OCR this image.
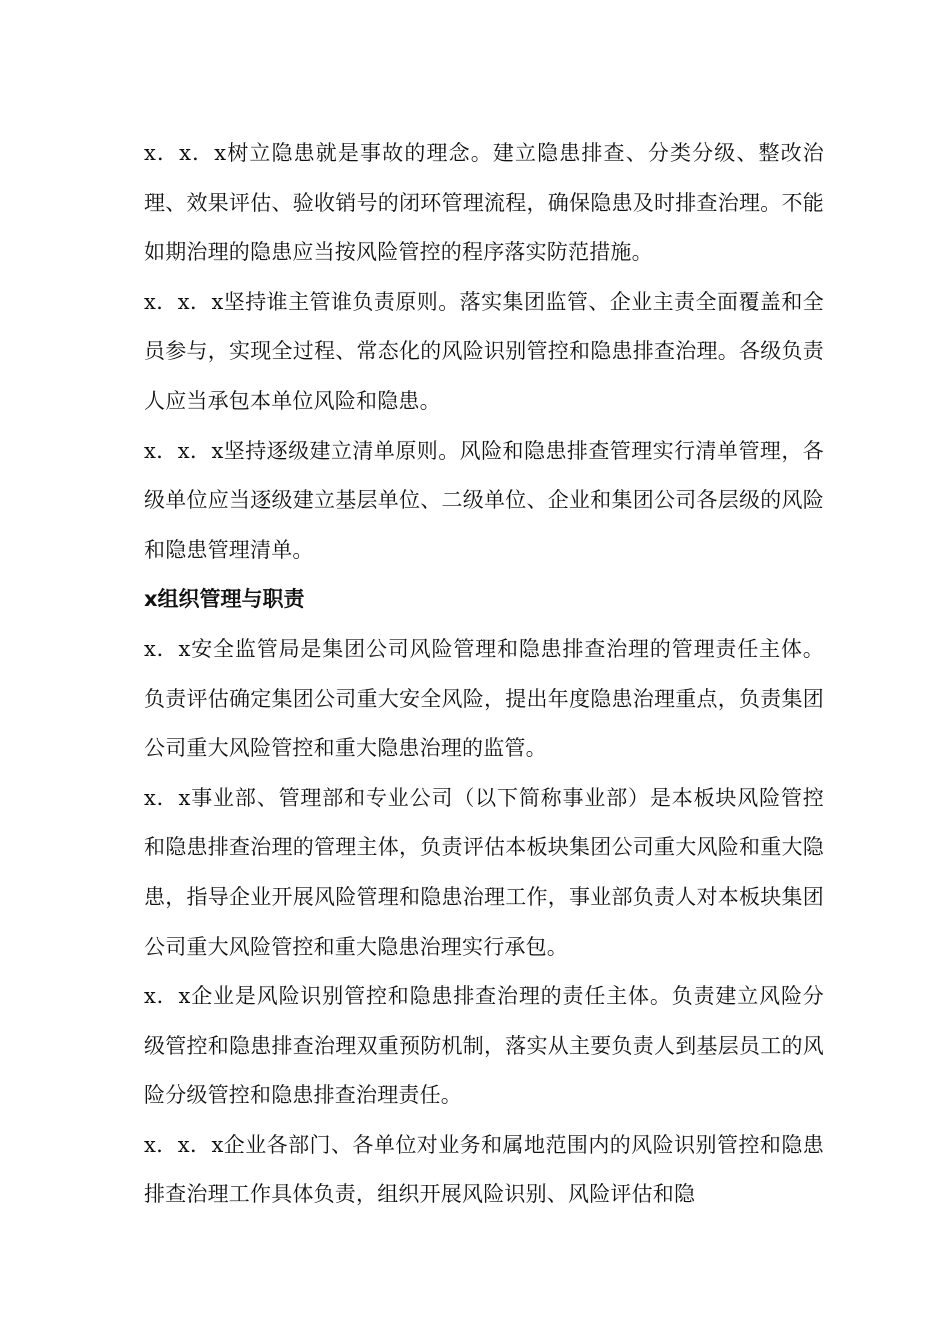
x．x．x树立隐患就是事故的理念。建立隐患排查、分类分级、整改治理、效果评估、验收销号的闭环管理流程，确保隐患及时排查治理。不能如期治理的隐患应当按风险管控的程序落实防范措施。

x．x．x坚持谁主管谁负责原则。落实集团监管、企业主责全面覆盖和全员参与，实现全过程、常态化的风险识别管控和隐患排查治理。各级负责人应当承包本单位风险和隐患。

x．x．x坚持逐级建立清单原则。风险和隐患排查管理实行清单管理，各级单位应当逐级建立基层单位、二级单位、企业和集团公司各层级的风险和隐患管理清单。

x组织管理与职责

x．x安全监管局是集团公司风险管理和隐患排查治理的管理责任主体。负责评估确定集团公司重大安全风险，提出年度隐患治理重点，负责集团公司重大风险管控和重大隐患治理的监管。

x．x事业部、管理部和专业公司（以下简称事业部）是本板块风险管控和隐患排查治理的管理主体，负责评估本板块集团公司重大风险和重大隐患，指导企业开展风险管理和隐患治理工作，事业部负责人对本板块集团公司重大风险管控和重大隐患治理实行承包。

x．x企业是风险识别管控和隐患排查治理的责任主体。负责建立风险分级管控和隐患排查治理双重预防机制，落实从主要负责人到基层员工的风险分级管控和隐患排查治理责任。

x．x．x企业各部门、各单位对业务和属地范围内的风险识别管控和隐患排查治理工作具体负责，组织开展风险识别、风险评估和隐
